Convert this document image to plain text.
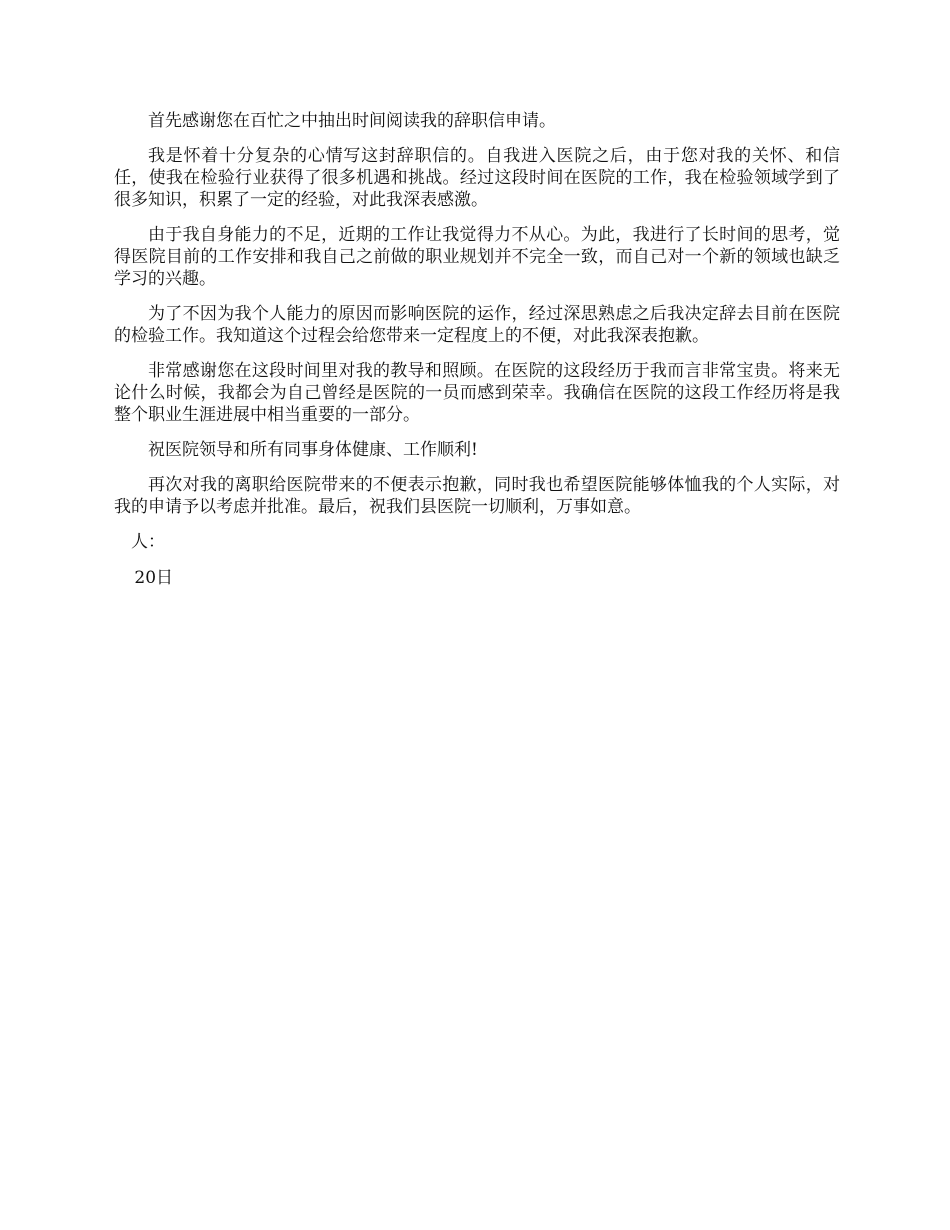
首先感谢您在百忙之中抽出时间阅读我的辞职信申请。

我是怀着十分复杂的心情写这封辞职信的。自我进入医院之后，由于您对我的关怀、和信任，使我在检验行业获得了很多机遇和挑战。经过这段时间在医院的工作，我在检验领域学到了很多知识，积累了一定的经验，对此我深表感激。

由于我自身能力的不足，近期的工作让我觉得力不从心。为此，我进行了长时间的思考，觉得医院目前的工作安排和我自己之前做的职业规划并不完全一致，而自己对一个新的领域也缺乏学习的兴趣。

为了不因为我个人能力的原因而影响医院的运作，经过深思熟虑之后我决定辞去目前在医院的检验工作。我知道这个过程会给您带来一定程度上的不便，对此我深表抱歉。

非常感谢您在这段时间里对我的教导和照顾。在医院的这段经历于我而言非常宝贵。将来无论什么时候，我都会为自己曾经是医院的一员而感到荣幸。我确信在医院的这段工作经历将是我整个职业生涯进展中相当重要的一部分。

祝医院领导和所有同事身体健康、工作顺利!

再次对我的离职给医院带来的不便表示抱歉，同时我也希望医院能够体恤我的个人实际，对我的申请予以考虑并批准。最后，祝我们县医院一切顺利，万事如意。

人：

20日
